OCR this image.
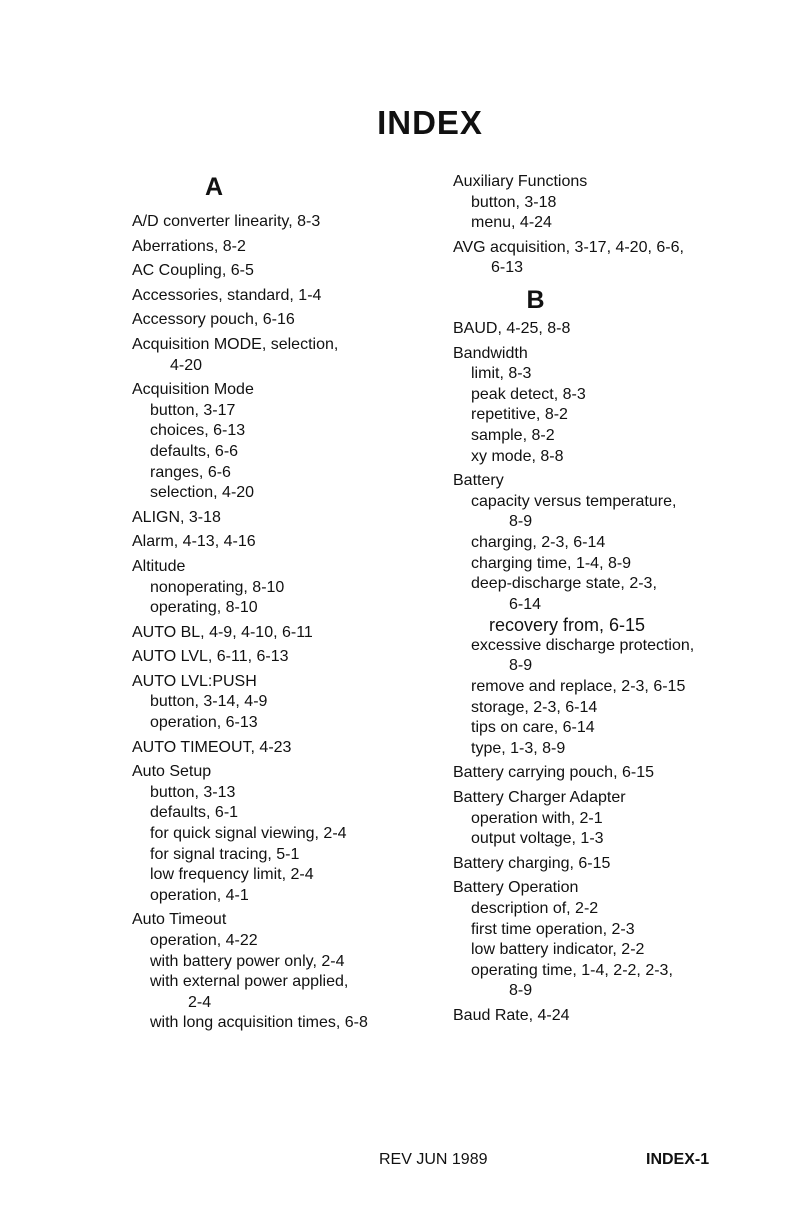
INDEX
A
A/D converter linearity, 8-3
Aberrations, 8-2
AC Coupling, 6-5
Accessories, standard, 1-4
Accessory pouch, 6-16
Acquisition MODE, selection,
4-20
Acquisition Mode
button, 3-17
choices, 6-13
defaults, 6-6
ranges, 6-6
selection, 4-20
ALIGN, 3-18
Alarm, 4-13, 4-16
Altitude
nonoperating, 8-10
operating, 8-10
AUTO BL, 4-9, 4-10, 6-11
AUTO LVL, 6-11, 6-13
AUTO LVL:PUSH
button, 3-14, 4-9
operation, 6-13
AUTO TIMEOUT, 4-23
Auto Setup
button, 3-13
defaults, 6-1
for quick signal viewing, 2-4
for signal tracing, 5-1
low frequency limit, 2-4
operation, 4-1
Auto Timeout
operation, 4-22
with battery power only, 2-4
with external power applied,
2-4
with long acquisition times, 6-8
Auxiliary Functions
button, 3-18
menu, 4-24
AVG acquisition, 3-17, 4-20, 6-6,
6-13
B
BAUD, 4-25, 8-8
Bandwidth
limit, 8-3
peak detect, 8-3
repetitive, 8-2
sample, 8-2
xy mode, 8-8
Battery
capacity versus temperature,
8-9
charging, 2-3, 6-14
charging time, 1-4, 8-9
deep-discharge state, 2-3,
6-14
recovery from, 6-15
excessive discharge protection,
8-9
remove and replace, 2-3, 6-15
storage, 2-3, 6-14
tips on care, 6-14
type, 1-3, 8-9
Battery carrying pouch, 6-15
Battery Charger Adapter
operation with, 2-1
output voltage, 1-3
Battery charging, 6-15
Battery Operation
description of, 2-2
first time operation, 2-3
low battery indicator, 2-2
operating time, 1-4, 2-2, 2-3,
8-9
Baud Rate, 4-24
REV JUN 1989	INDEX-1
